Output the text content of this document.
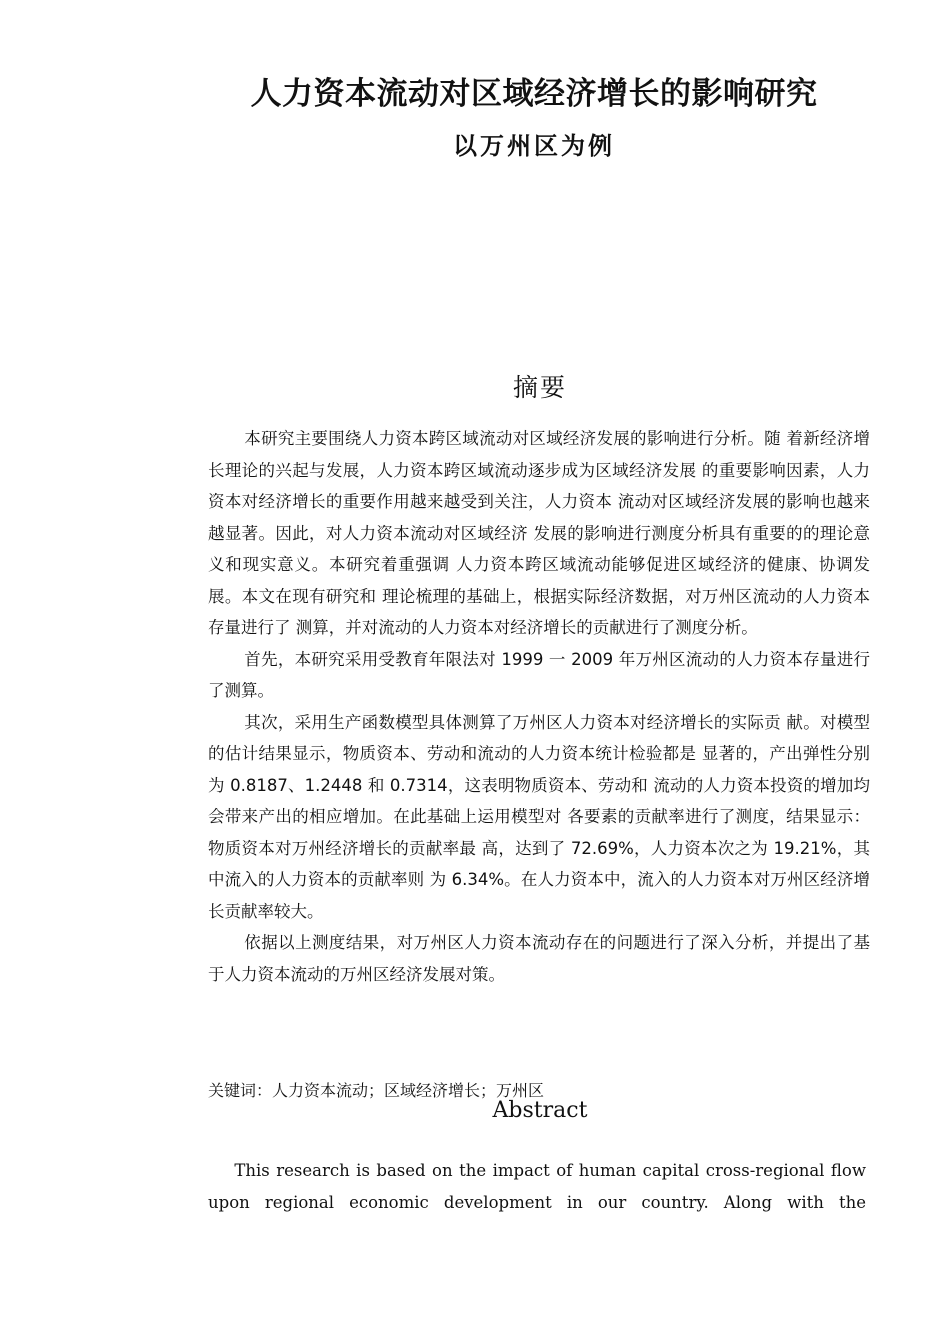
人力资本流动对区域经济增长的影响研究
以万州区为例
摘要

本研究主要围绕人力资本跨区域流动对区域经济发展的影响进行分析。随 着新经济增长理论的兴起与发展，人力资本跨区域流动逐步成为区域经济发展 的重要影响因素，人力资本对经济增长的重要作用越来越受到关注，人力资本 流动对区域经济发展的影响也越来越显著。因此，对人力资本流动对区域经济 发展的影响进行测度分析具有重要的的理论意义和现实意义。本研究着重强调 人力资本跨区域流动能够促进区域经济的健康、协调发展。本文在现有研究和 理论梳理的基础上，根据实际经济数据，对万州区流动的人力资本存量进行了 测算，并对流动的人力资本对经济增长的贡献进行了测度分析。

首先，本研究采用受教育年限法对 1999 一 2009 年万州区流动的人力资本存量进行了测算。

其次，采用生产函数模型具体测算了万州区人力资本对经济增长的实际贡 献。对模型的估计结果显示，物质资本、劳动和流动的人力资本统计检验都是 显著的，产出弹性分别为 0.8187、1.2448 和 0.7314，这表明物质资本、劳动和 流动的人力资本投资的增加均会带来产出的相应增加。在此基础上运用模型对 各要素的贡献率进行了测度，结果显示：物质资本对万州经济增长的贡献率最 高，达到了 72.69%，人力资本次之为 19.21%，其中流入的人力资本的贡献率则 为 6.34%。在人力资本中，流入的人力资本对万州区经济增长贡献率较大。

依据以上测度结果，对万州区人力资本流动存在的问题进行了深入分析，并提出了基于人力资本流动的万州区经济发展对策。

关键词：人力资本流动；区域经济增长；万州区
Abstract

This research is based on the impact of human capital cross-regional flow upon regional economic development in our country. Along with the
